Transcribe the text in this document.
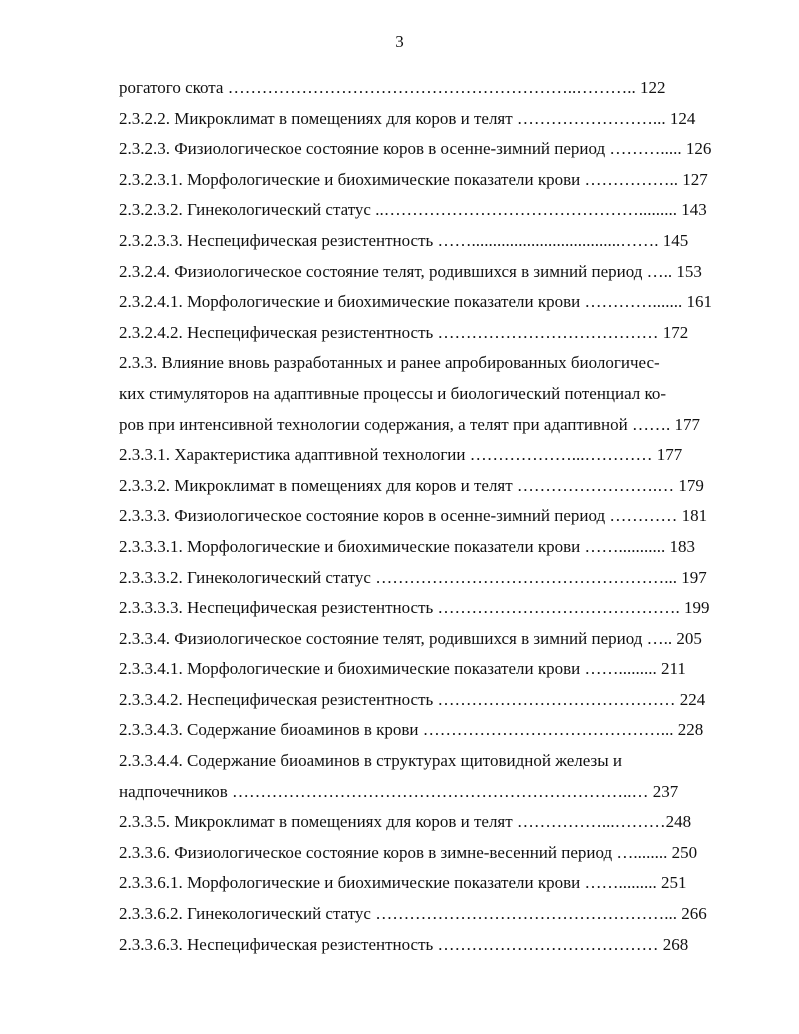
3
рогатого скота ……………………………………………………..……….. 122
2.3.2.2. Микроклимат в помещениях для коров и телят ……………………... 124
2.3.2.3. Физиологическое состояние коров в осенне-зимний период ………..... 126
2.3.2.3.1. Морфологические и биохимические показатели крови …………….. 127
2.3.2.3.2. Гинекологический статус ..………………………………………......... 143
2.3.2.3.3. Неспецифическая резистентность ……...................................……. 145
2.3.2.4. Физиологическое состояние телят, родившихся в зимний период ….. 153
2.3.2.4.1. Морфологические и биохимические показатели крови …………....... 161
2.3.2.4.2. Неспецифическая резистентность ………………………………… 172
2.3.3. Влияние вновь разработанных и ранее апробированных биологичес-
ких стимуляторов на адаптивные процессы и биологический потенциал ко-
ров при интенсивной технологии содержания, а телят при адаптивной ……. 177
2.3.3.1. Характеристика адаптивной технологии ………………...………… 177
2.3.3.2. Микроклимат в помещениях для коров и телят …………………….… 179
2.3.3.3. Физиологическое состояние коров в осенне-зимний период ………… 181
2.3.3.3.1. Морфологические и биохимические показатели крови ……........... 183
2.3.3.3.2. Гинекологический статус ……………………………………………... 197
2.3.3.3.3. Неспецифическая резистентность ……………………………………. 199
2.3.3.4. Физиологическое состояние телят, родившихся в зимний период ….. 205
2.3.3.4.1. Морфологические и биохимические показатели крови ……......... 211
2.3.3.4.2. Неспецифическая резистентность …………………………………… 224
2.3.3.4.3. Содержание биоаминов в крови ……………………………………... 228
2.3.3.4.4. Содержание биоаминов в структурах щитовидной железы и
надпочечников ……………………………………………………………..… 237
2.3.3.5. Микроклимат в помещениях для коров и телят ……………...………248
2.3.3.6. Физиологическое состояние коров в зимне-весенний период …........ 250
2.3.3.6.1. Морфологические и биохимические показатели крови ……......... 251
2.3.3.6.2. Гинекологический статус ……………………………………………... 266
2.3.3.6.3. Неспецифическая резистентность ………………………………… 268
